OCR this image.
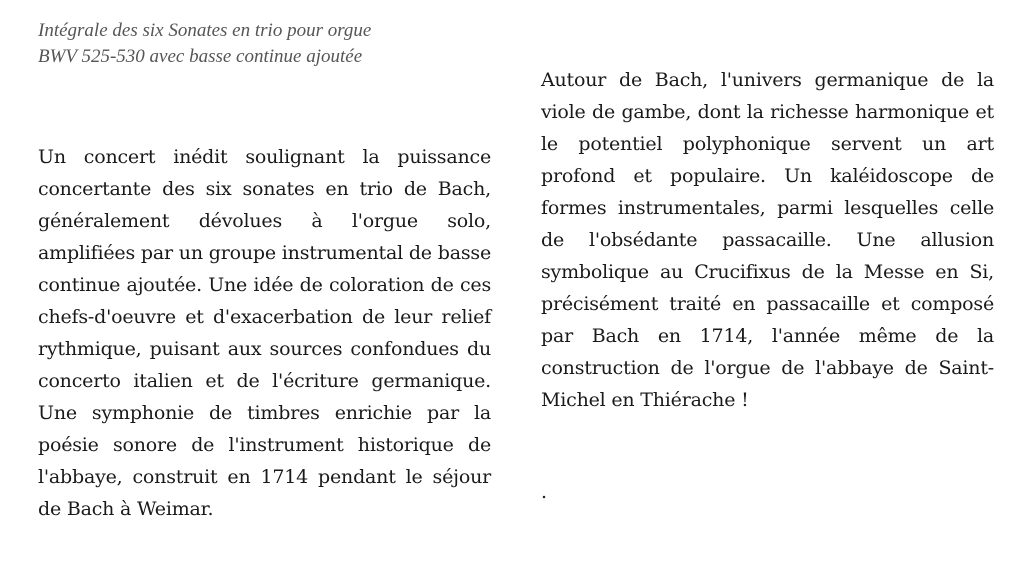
Intégrale des six Sonates en trio pour orgue
BWV 525-530 avec basse continue ajoutée
Un concert inédit soulignant la puissance concertante des six sonates en trio de Bach, généralement dévolues à l'orgue solo, amplifiées par un groupe instrumental de basse continue ajoutée. Une idée de coloration de ces chefs-d'oeuvre et d'exacerbation de leur relief rythmique, puisant aux sources confondues du concerto italien et de l'écriture germanique. Une symphonie de timbres enrichie par la poésie sonore de l'instrument historique de l'abbaye, construit en 1714 pendant le séjour de Bach à Weimar.
Autour de Bach, l'univers germanique de la viole de gambe, dont la richesse harmonique et le potentiel polyphonique servent un art profond et populaire. Un kaléidoscope de formes instrumentales, parmi lesquelles celle de l'obsédante passacaille. Une allusion symbolique au Crucifixus de la Messe en Si, précisément traité en passacaille et composé par Bach en 1714, l'année même de la construction de l'orgue de l'abbaye de Saint-Michel en Thiérache !
.
